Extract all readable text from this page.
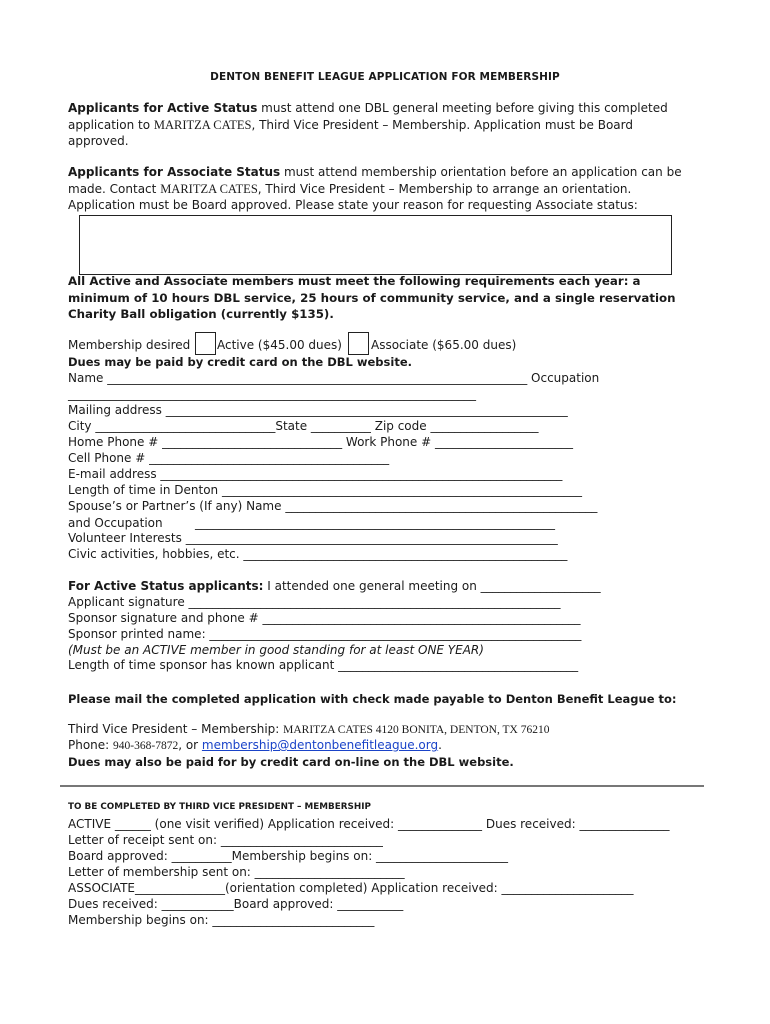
DENTON BENEFIT LEAGUE APPLICATION FOR MEMBERSHIP
Applicants for Active Status must attend one DBL general meeting before giving this completed application to MARITZA CATES, Third Vice President – Membership. Application must be Board approved.
Applicants for Associate Status must attend membership orientation before an application can be made. Contact MARITZA CATES, Third Vice President – Membership to arrange an orientation. Application must be Board approved. Please state your reason for requesting Associate status:
All Active and Associate members must meet the following requirements each year: a minimum of 10 hours DBL service, 25 hours of community service, and a single reservation Charity Ball obligation (currently $135).
Membership desired Active ($45.00 dues) Associate ($65.00 dues)
Dues may be paid by credit card on the DBL website.
Name ______________________________________________________________________ Occupation
____________________________________________________________________
Mailing address ___________________________________________________________________
City ______________________________State __________ Zip code __________________
Home Phone # ______________________________ Work Phone # _______________________
Cell Phone # ________________________________________
E-mail address ___________________________________________________________________
Length of time in Denton ____________________________________________________________
Spouse’s or Partner’s (If any) Name ____________________________________________________
and Occupation	____________________________________________________________
Volunteer Interests ______________________________________________________________
Civic activities, hobbies, etc. ______________________________________________________
For Active Status applicants: I attended one general meeting on ____________________
Applicant signature ______________________________________________________________
Sponsor signature and phone # _____________________________________________________
Sponsor printed name: ______________________________________________________________
(Must be an ACTIVE member in good standing for at least ONE YEAR)
Length of time sponsor has known applicant ________________________________________
Please mail the completed application with check made payable to Denton Benefit League to:
Third Vice President – Membership: MARITZA CATES 4120 BONITA, DENTON, TX 76210
Phone: 940-368-7872, or membership@dentonbenefitleague.org.
Dues may also be paid for by credit card on-line on the DBL website.
TO BE COMPLETED BY THIRD VICE PRESIDENT – MEMBERSHIP
ACTIVE ______ (one visit verified) Application received: ______________ Dues received: _______________
Letter of receipt sent on: ___________________________
Board approved: __________Membership begins on: ______________________
Letter of membership sent on: _________________________
ASSOCIATE_______________(orientation completed) Application received: ______________________
Dues received: ____________Board approved: ___________
Membership begins on: ___________________________
